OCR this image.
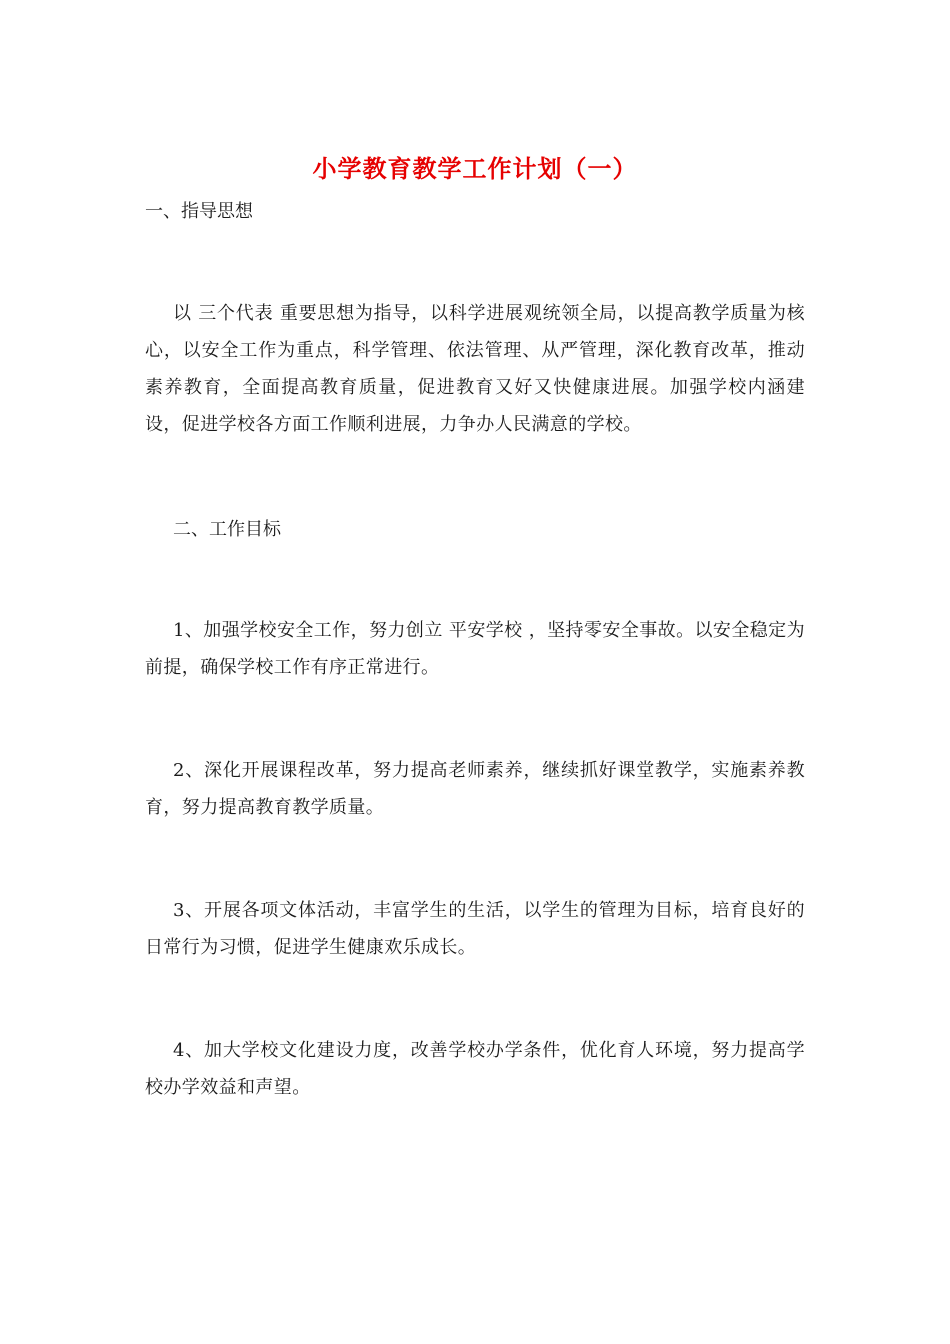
小学教育教学工作计划（一）
一、指导思想
以 三个代表 重要思想为指导，以科学进展观统领全局，以提高教学质量为核心，以安全工作为重点，科学管理、依法管理、从严管理，深化教育改革，推动素养教育，全面提高教育质量，促进教育又好又快健康进展。加强学校内涵建设，促进学校各方面工作顺利进展，力争办人民满意的学校。
二、工作目标
1、加强学校安全工作，努力创立 平安学校 ，坚持零安全事故。以安全稳定为前提，确保学校工作有序正常进行。
2、深化开展课程改革，努力提高老师素养，继续抓好课堂教学，实施素养教育，努力提高教育教学质量。
3、开展各项文体活动，丰富学生的生活，以学生的管理为目标，培育良好的日常行为习惯，促进学生健康欢乐成长。
4、加大学校文化建设力度，改善学校办学条件，优化育人环境，努力提高学校办学效益和声望。
